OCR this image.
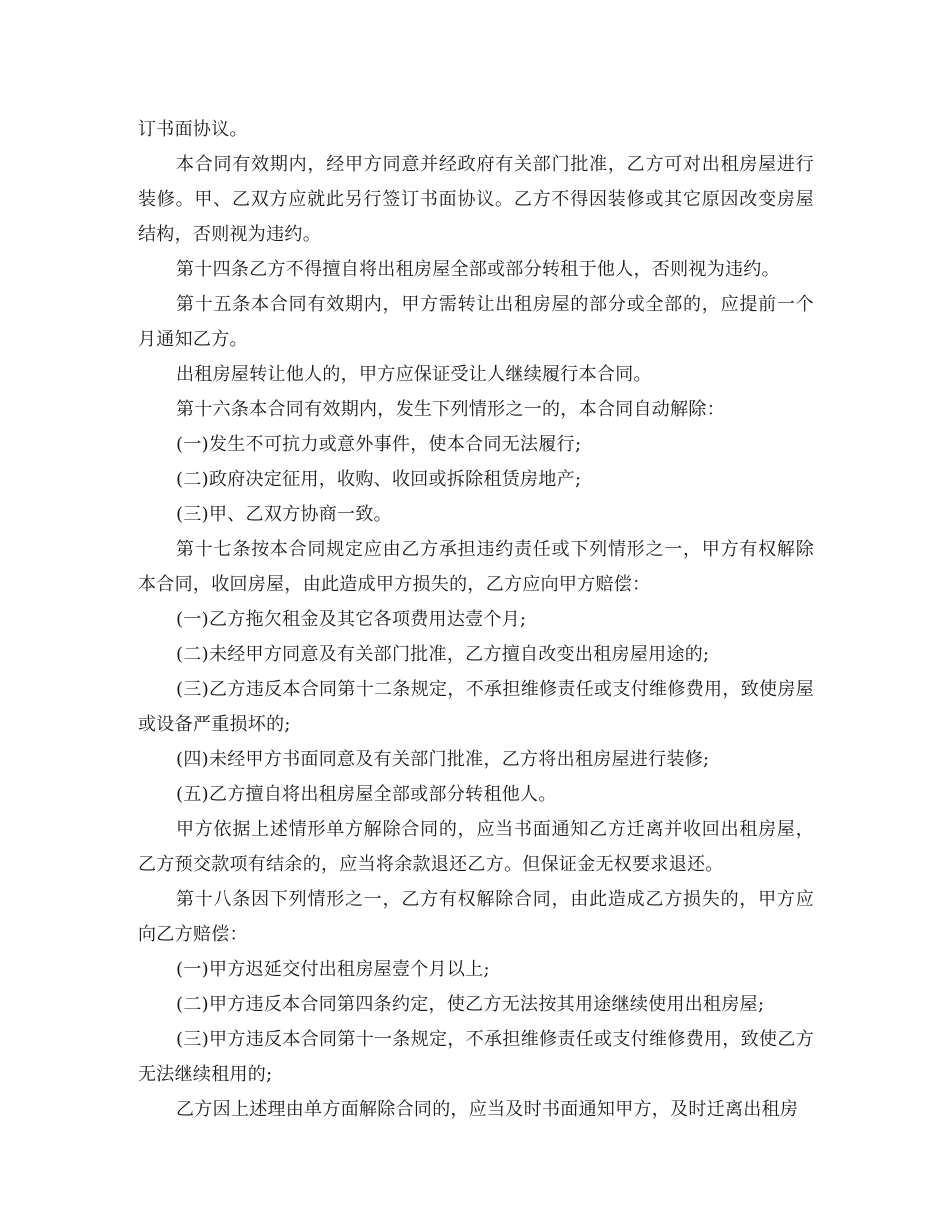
订书面协议。

本合同有效期内，经甲方同意并经政府有关部门批准，乙方可对出租房屋进行装修。甲、乙双方应就此另行签订书面协议。乙方不得因装修或其它原因改变房屋结构，否则视为违约。

第十四条乙方不得擅自将出租房屋全部或部分转租于他人，否则视为违约。

第十五条本合同有效期内，甲方需转让出租房屋的部分或全部的，应提前一个月通知乙方。

出租房屋转让他人的，甲方应保证受让人继续履行本合同。

第十六条本合同有效期内，发生下列情形之一的，本合同自动解除：

(一)发生不可抗力或意外事件，使本合同无法履行;

(二)政府决定征用，收购、收回或拆除租赁房地产;

(三)甲、乙双方协商一致。

第十七条按本合同规定应由乙方承担违约责任或下列情形之一，甲方有权解除本合同，收回房屋，由此造成甲方损失的，乙方应向甲方赔偿：

(一)乙方拖欠租金及其它各项费用达壹个月;

(二)未经甲方同意及有关部门批准，乙方擅自改变出租房屋用途的;

(三)乙方违反本合同第十二条规定，不承担维修责任或支付维修费用，致使房屋或设备严重损坏的;

(四)未经甲方书面同意及有关部门批准，乙方将出租房屋进行装修;

(五)乙方擅自将出租房屋全部或部分转租他人。

甲方依据上述情形单方解除合同的，应当书面通知乙方迁离并收回出租房屋，乙方预交款项有结余的，应当将余款退还乙方。但保证金无权要求退还。

第十八条因下列情形之一，乙方有权解除合同，由此造成乙方损失的，甲方应向乙方赔偿：

(一)甲方迟延交付出租房屋壹个月以上;

(二)甲方违反本合同第四条约定，使乙方无法按其用途继续使用出租房屋;

(三)甲方违反本合同第十一条规定，不承担维修责任或支付维修费用，致使乙方无法继续租用的;

乙方因上述理由单方面解除合同的，应当及时书面通知甲方，及时迁离出租房
